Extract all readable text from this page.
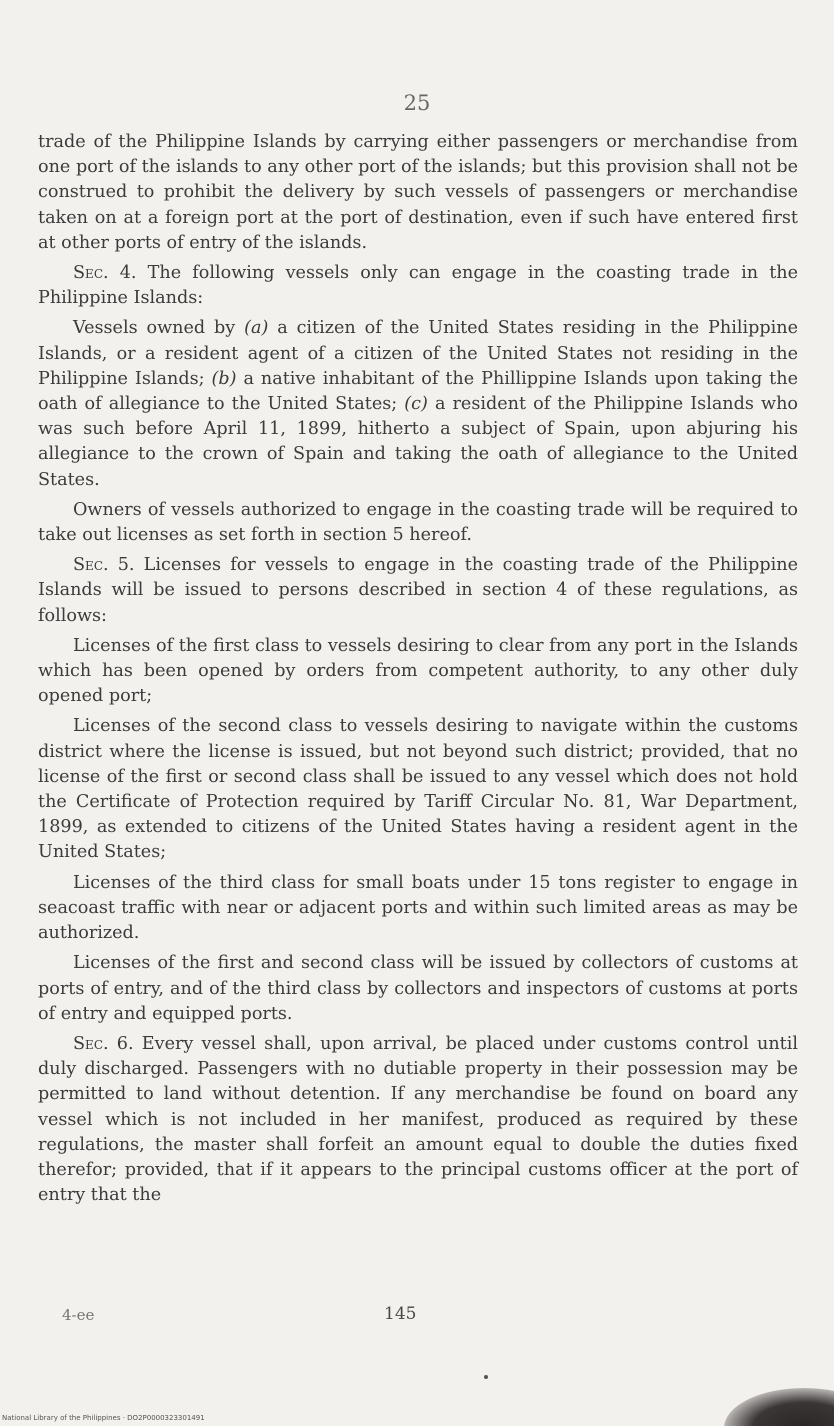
25

trade of the Philippine Islands by carrying either passengers or merchandise from one port of the islands to any other port of the islands; but this provision shall not be construed to prohibit the delivery by such vessels of passengers or merchandise taken on at a foreign port at the port of destination, even if such have entered first at other ports of entry of the islands.

Sec. 4. The following vessels only can engage in the coasting trade in the Philippine Islands:

Vessels owned by (a) a citizen of the United States residing in the Philippine Islands, or a resident agent of a citizen of the United States not residing in the Philippine Islands; (b) a native inhabitant of the Phillippine Islands upon taking the oath of allegiance to the United States; (c) a resident of the Philippine Islands who was such before April 11, 1899, hitherto a subject of Spain, upon abjuring his allegiance to the crown of Spain and taking the oath of allegiance to the United States.

Owners of vessels authorized to engage in the coasting trade will be required to take out licenses as set forth in section 5 hereof.

Sec. 5. Licenses for vessels to engage in the coasting trade of the Philippine Islands will be issued to persons described in section 4 of these regulations, as follows:

Licenses of the first class to vessels desiring to clear from any port in the Islands which has been opened by orders from competent authority, to any other duly opened port;

Licenses of the second class to vessels desiring to navigate within the customs district where the license is issued, but not beyond such district; provided, that no license of the first or second class shall be issued to any vessel which does not hold the Certificate of Protection required by Tariff Circular No. 81, War Department, 1899, as extended to citizens of the United States having a resident agent in the United States;

Licenses of the third class for small boats under 15 tons register to engage in seacoast traffic with near or adjacent ports and within such limited areas as may be authorized.

Licenses of the first and second class will be issued by collectors of customs at ports of entry, and of the third class by collectors and inspectors of customs at ports of entry and equipped ports.

Sec. 6. Every vessel shall, upon arrival, be placed under customs control until duly discharged. Passengers with no dutiable property in their possession may be permitted to land without detention. If any merchandise be found on board any vessel which is not included in her manifest, produced as required by these regulations, the master shall forfeit an amount equal to double the duties fixed therefor; provided, that if it appears to the principal customs officer at the port of entry that the

4-ee	145
National Library of the Philippines · DO2P0000323301491
